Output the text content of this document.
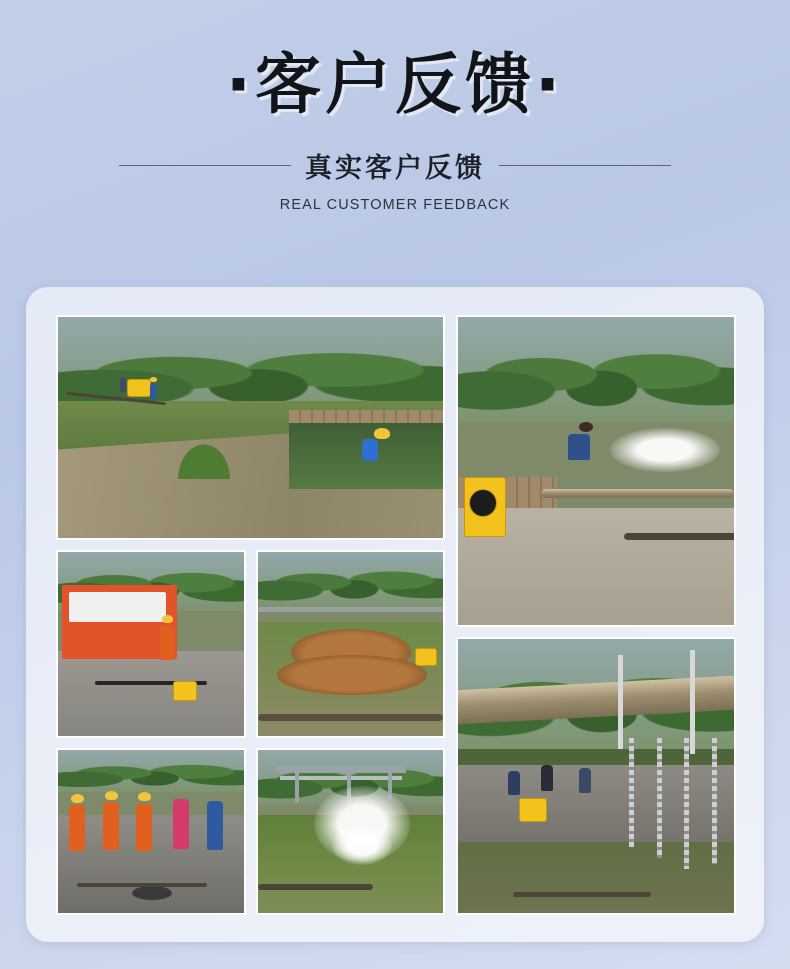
·客户反馈·
真实客户反馈
REAL CUSTOMER FEEDBACK
